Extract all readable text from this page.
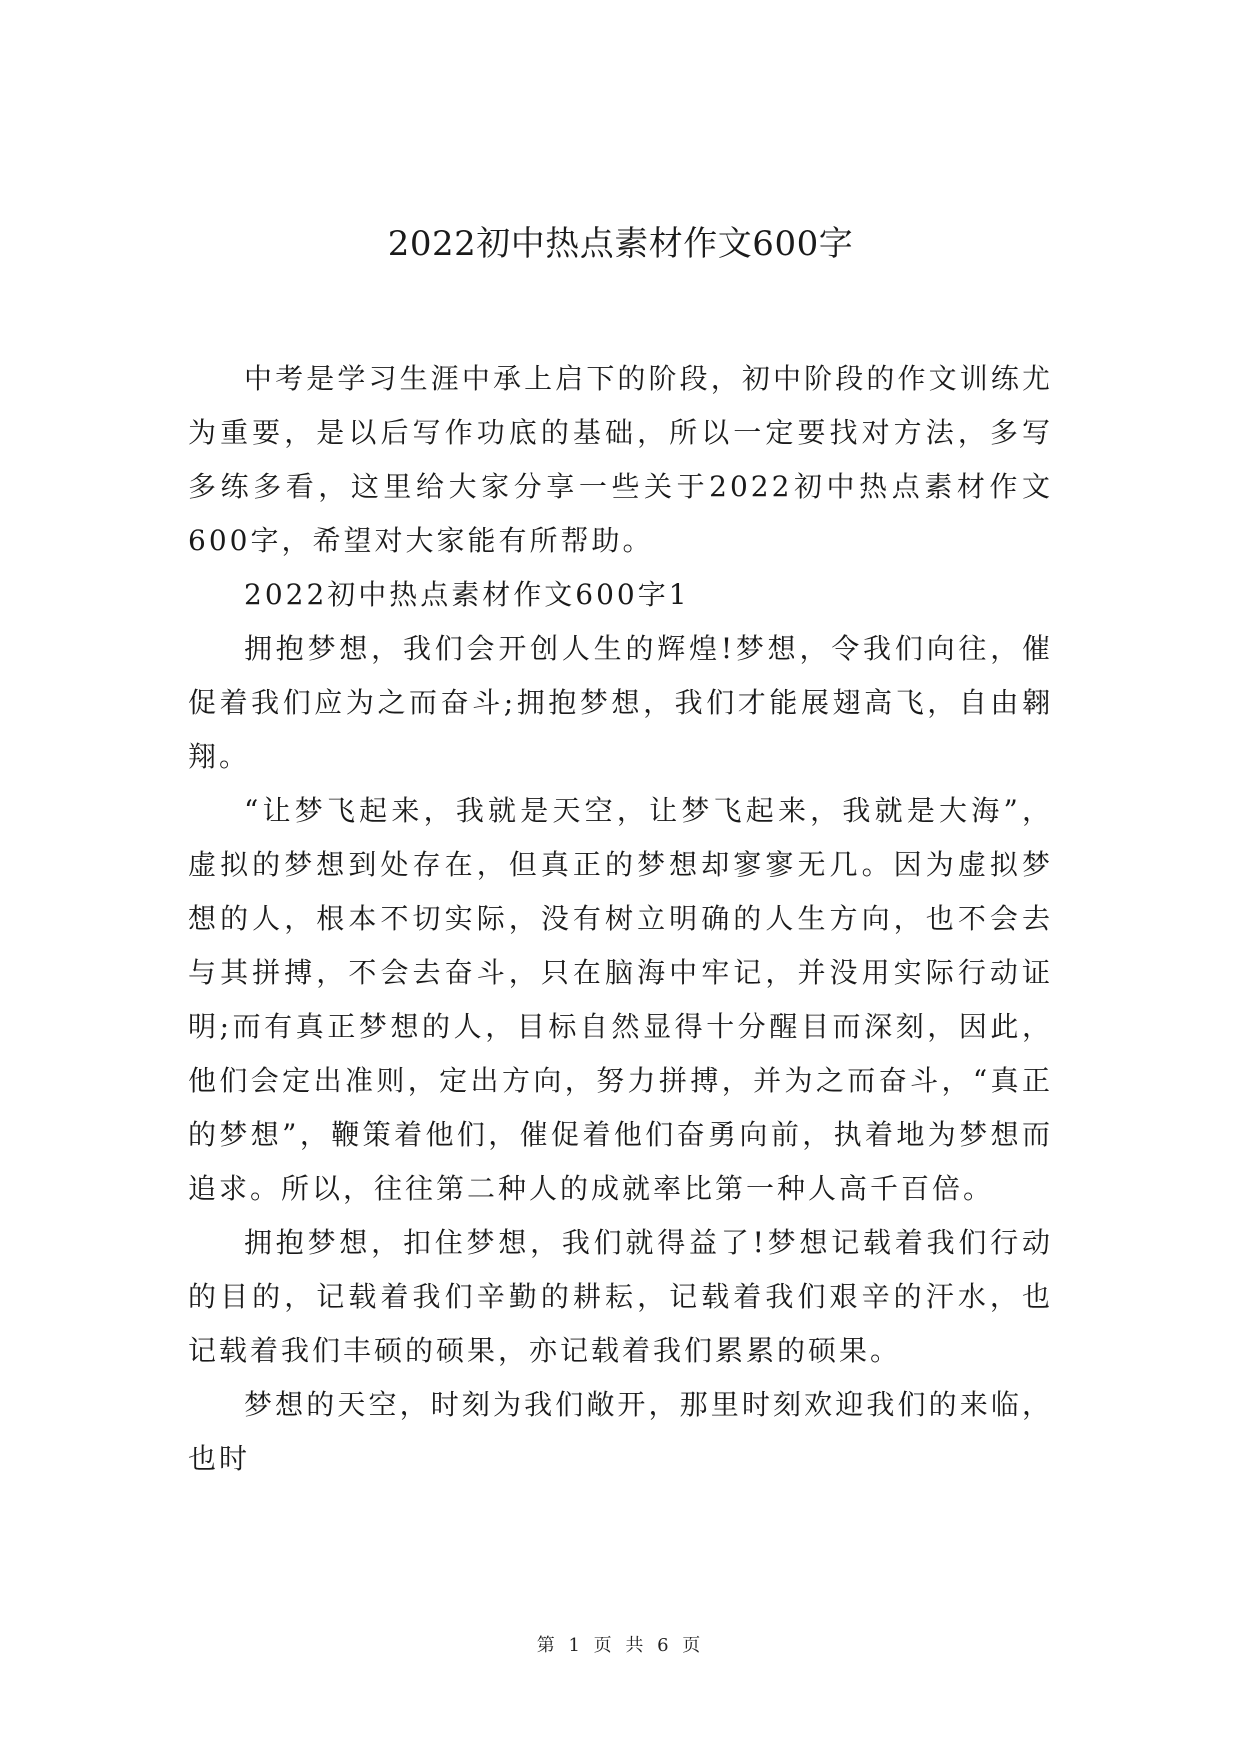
2022初中热点素材作文600字

中考是学习生涯中承上启下的阶段，初中阶段的作文训练尤为重要，是以后写作功底的基础，所以一定要找对方法，多写多练多看，这里给大家分享一些关于2022初中热点素材作文600字，希望对大家能有所帮助。

2022初中热点素材作文600字1

拥抱梦想，我们会开创人生的辉煌!梦想，令我们向往，催促着我们应为之而奋斗;拥抱梦想，我们才能展翅高飞，自由翱翔。

“让梦飞起来，我就是天空，让梦飞起来，我就是大海”，虚拟的梦想到处存在，但真正的梦想却寥寥无几。因为虚拟梦想的人，根本不切实际，没有树立明确的人生方向，也不会去与其拼搏，不会去奋斗，只在脑海中牢记，并没用实际行动证明;而有真正梦想的人，目标自然显得十分醒目而深刻，因此，他们会定出准则，定出方向，努力拼搏，并为之而奋斗，“真正的梦想”，鞭策着他们，催促着他们奋勇向前，执着地为梦想而追求。所以，往往第二种人的成就率比第一种人高千百倍。

拥抱梦想，扣住梦想，我们就得益了!梦想记载着我们行动的目的，记载着我们辛勤的耕耘，记载着我们艰辛的汗水，也记载着我们丰硕的硕果，亦记载着我们累累的硕果。

梦想的天空，时刻为我们敞开，那里时刻欢迎我们的来临，也时

第 1 页 共 6 页
